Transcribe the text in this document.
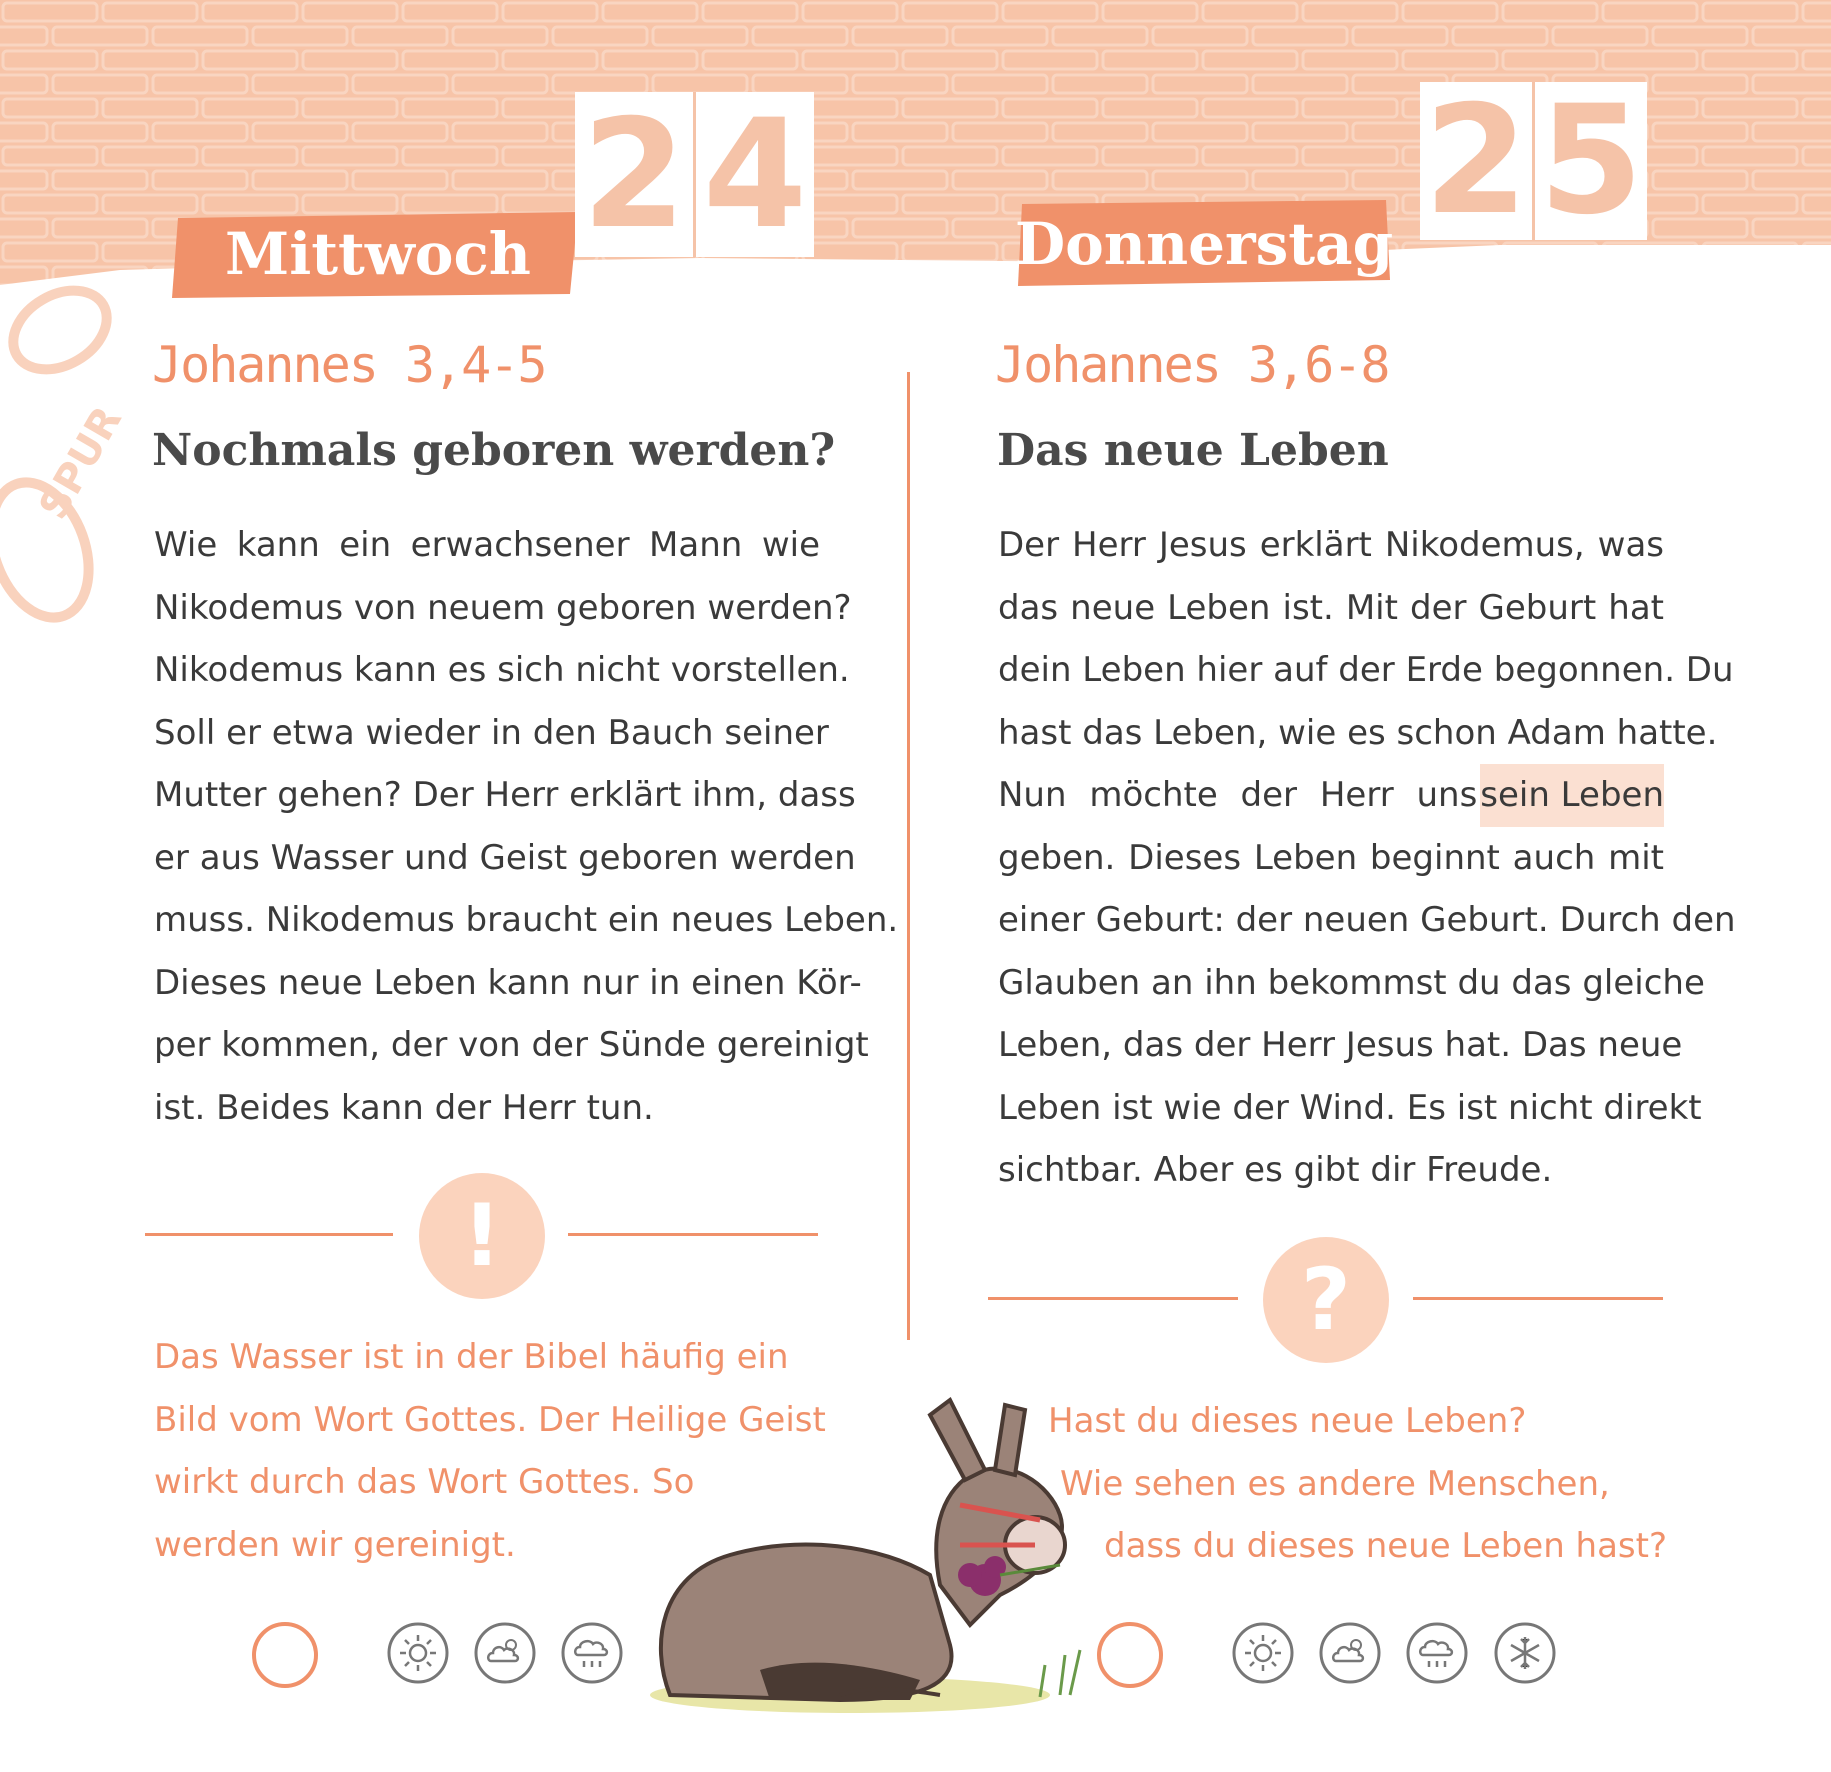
SPUR
Mittwoch 2 4	Donnerstag 2 5
Johannes 3,4-5
Nochmals geboren werden?
Wie kann ein erwachsener Mann wie
Nikodemus von neuem geboren werden?
Nikodemus kann es sich nicht vorstellen.
Soll er etwa wieder in den Bauch seiner
Mutter gehen? Der Herr erklärt ihm, dass
er aus Wasser und Geist geboren werden
muss. Nikodemus braucht ein neues Leben.
Dieses neue Leben kann nur in einen Kör-
per kommen, der von der Sünde gereinigt
ist. Beides kann der Herr tun.
!
Das Wasser ist in der Bibel häufig ein
Bild vom Wort Gottes. Der Heilige Geist
wirkt durch das Wort Gottes. So
werden wir gereinigt.
Johannes 3,6-8
Das neue Leben
Der Herr Jesus erklärt Nikodemus, was
das neue Leben ist. Mit der Geburt hat
dein Leben hier auf der Erde begonnen. Du
hast das Leben, wie es schon Adam hatte.
Nun möchte der Herr uns sein Leben
geben. Dieses Leben beginnt auch mit
einer Geburt: der neuen Geburt. Durch den
Glauben an ihn bekommst du das gleiche
Leben, das der Herr Jesus hat. Das neue
Leben ist wie der Wind. Es ist nicht direkt
sichtbar. Aber es gibt dir Freude.
?
Hast du dieses neue Leben?
Wie sehen es andere Menschen,
dass du dieses neue Leben hast?
